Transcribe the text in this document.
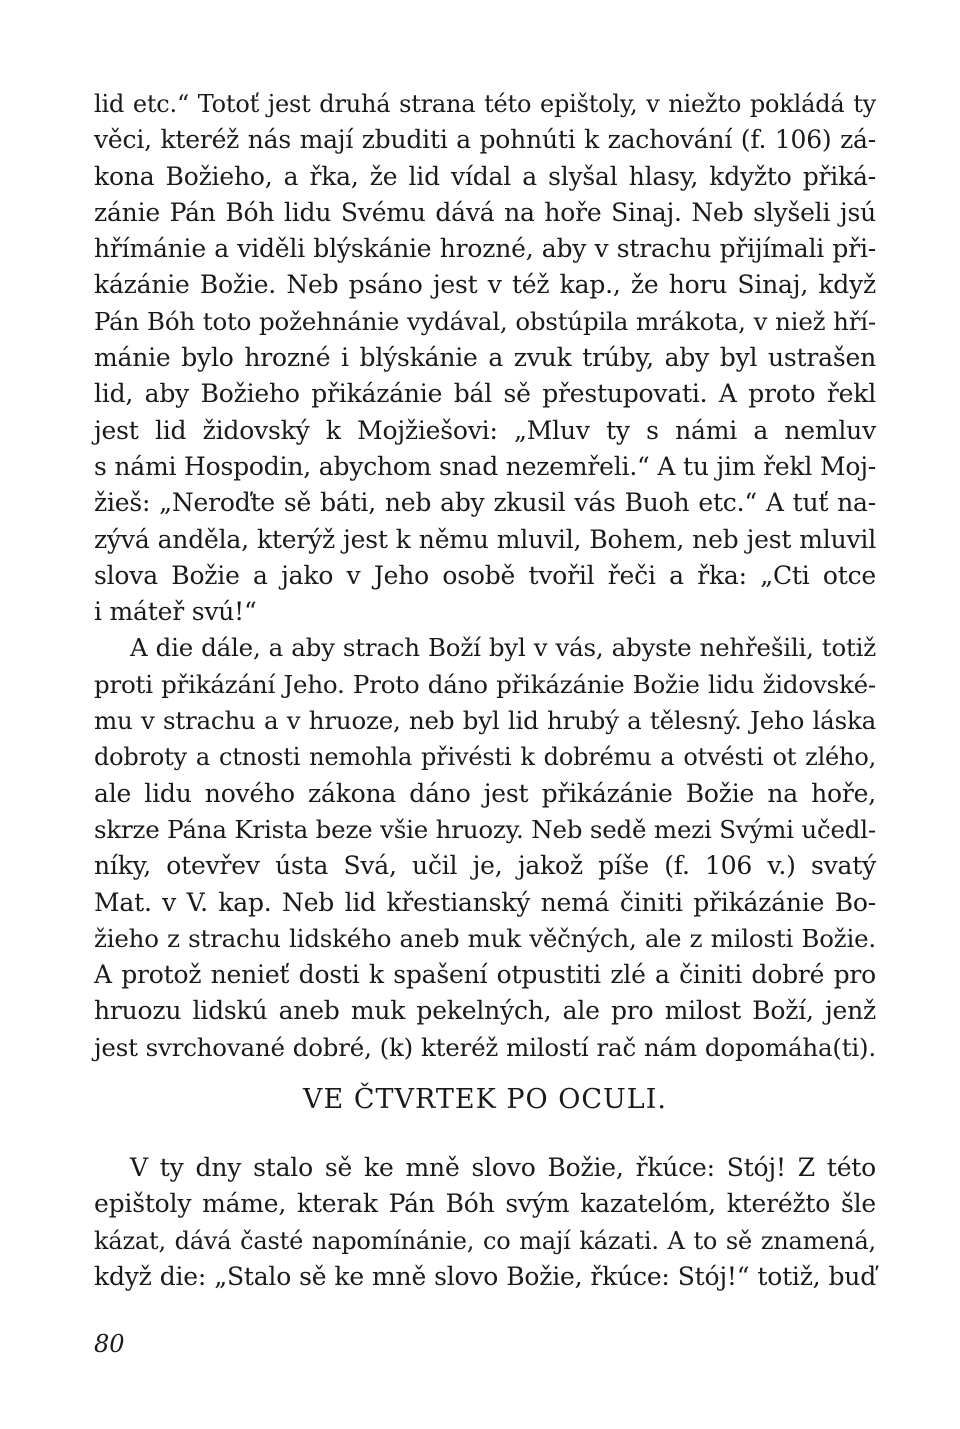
lid etc.“ Totoť jest druhá strana této epištoly, v niežto pokládá ty
věci, kteréž nás mají zbuditi a pohnúti k zachování (f. 106) zá-
kona Božieho, a řka, že lid vídal a slyšal hlasy, kdyžto přiká-
zánie Pán Bóh lidu Svému dává na hoře Sinaj. Neb slyšeli jsú
hřímánie a viděli blýskánie hrozné, aby v strachu přijímali při-
kázánie Božie. Neb psáno jest v též kap., že horu Sinaj, když
Pán Bóh toto požehnánie vydával, obstúpila mrákota, v niež hří-
mánie bylo hrozné i blýskánie a zvuk trúby, aby byl ustrašen
lid, aby Božieho přikázánie bál sě přestupovati. A proto řekl
jest lid židovský k Mojžiešovi: „Mluv ty s námi a nemluv
s námi Hospodin, abychom snad nezemřeli.“ A tu jim řekl Moj-
žieš: „Neroďte sě báti, neb aby zkusil vás Buoh etc.“ A tuť na-
zývá anděla, kterýž jest k němu mluvil, Bohem, neb jest mluvil
slova Božie a jako v Jeho osobě tvořil řeči a řka: „Cti otce
i máteř svú!“
A die dále, a aby strach Boží byl v vás, abyste nehřešili, totiž
proti přikázání Jeho. Proto dáno přikázánie Božie lidu židovské-
mu v strachu a v hruoze, neb byl lid hrubý a tělesný. Jeho láska
dobroty a ctnosti nemohla přivésti k dobrému a otvésti ot zlého,
ale lidu nového zákona dáno jest přikázánie Božie na hoře,
skrze Pána Krista beze všie hruozy. Neb sedě mezi Svými učedl-
níky, otevřev ústa Svá, učil je, jakož píše (f. 106 v.) svatý
Mat. v V. kap. Neb lid křestianský nemá činiti přikázánie Bo-
žieho z strachu lidského aneb muk věčných, ale z milosti Božie.
A protož nenieť dosti k spašení otpustiti zlé a činiti dobré pro
hruozu lidskú aneb muk pekelných, ale pro milost Boží, jenž
jest svrchované dobré, (k) kteréž milostí rač nám dopomáha(ti).
VE ČTVRTEK PO OCULI.
V ty dny stalo sě ke mně slovo Božie, řkúce: Stój! Z této
epištoly máme, kterak Pán Bóh svým kazatelóm, kteréžto šle
kázat, dává časté napomínánie, co mají kázati. A to sě znamená,
když die: „Stalo sě ke mně slovo Božie, řkúce: Stój!“ totiž, buď
80
